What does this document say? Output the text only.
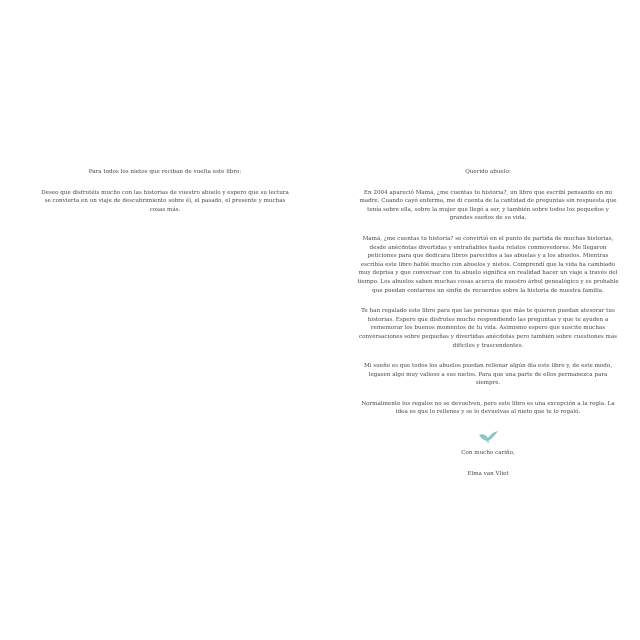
Para todos los nietos que reciban de vuelta este libro:

Deseo que disfrutéis mucho con las historias de vuestro abuelo y espero que su lectura se convierta en un viaje de descubrimiento sobre él, el pasado, el presente y muchas cosas más.

Querido abuelo:

En 2004 apareció Mamá, ¿me cuentas tu historia?, un libro que escribí pensando en mi madre. Cuando cayó enferma, me di cuenta de la cantidad de preguntas sin respuesta que tenía sobre ella, sobre la mujer que llegó a ser, y también sobre todos los pequeños y grandes sueños de su vida.

Mamá, ¿me cuentas tu historia? se convirtió en el punto de partida de muchas historias, desde anécdotas divertidas y entrañables hasta relatos conmovedores. Me llegaron peticiones para que dedicara libros parecidos a las abuelas y a los abuelos. Mientras escribía este libro hablé mucho con abuelos y nietos. Comprendí que la vida ha cambiado muy deprisa y que conversar con tu abuelo significa en realidad hacer un viaje a través del tiempo. Los abuelos saben muchas cosas acerca de nuestro árbol genealógico y es probable que puedan contarnos un sinfín de recuerdos sobre la historia de nuestra familia.

Te han regalado este libro para que las personas que más te quieren puedan atesorar tus historias. Espero que disfrutes mucho respondiendo las preguntas y que te ayuden a rememorar los buenos momentos de tu vida. Asimismo espero que suscite muchas conversaciones sobre pequeñas y divertidas anécdotas pero también sobre cuestiones más difíciles y trascendentes.

Mi sueño es que todos los abuelos puedan rellenar algún día este libro y, de este modo, legasen algo muy valioso a sus nietos. Para que una parte de ellos permanezca para siempre.

Normalmente los regalos no se devuelven, pero este libro es una excepción a la regla. La idea es que lo rellenes y se lo devuelvas al nieto que te lo regaló.

Con mucho cariño,

Elma van Vliet
